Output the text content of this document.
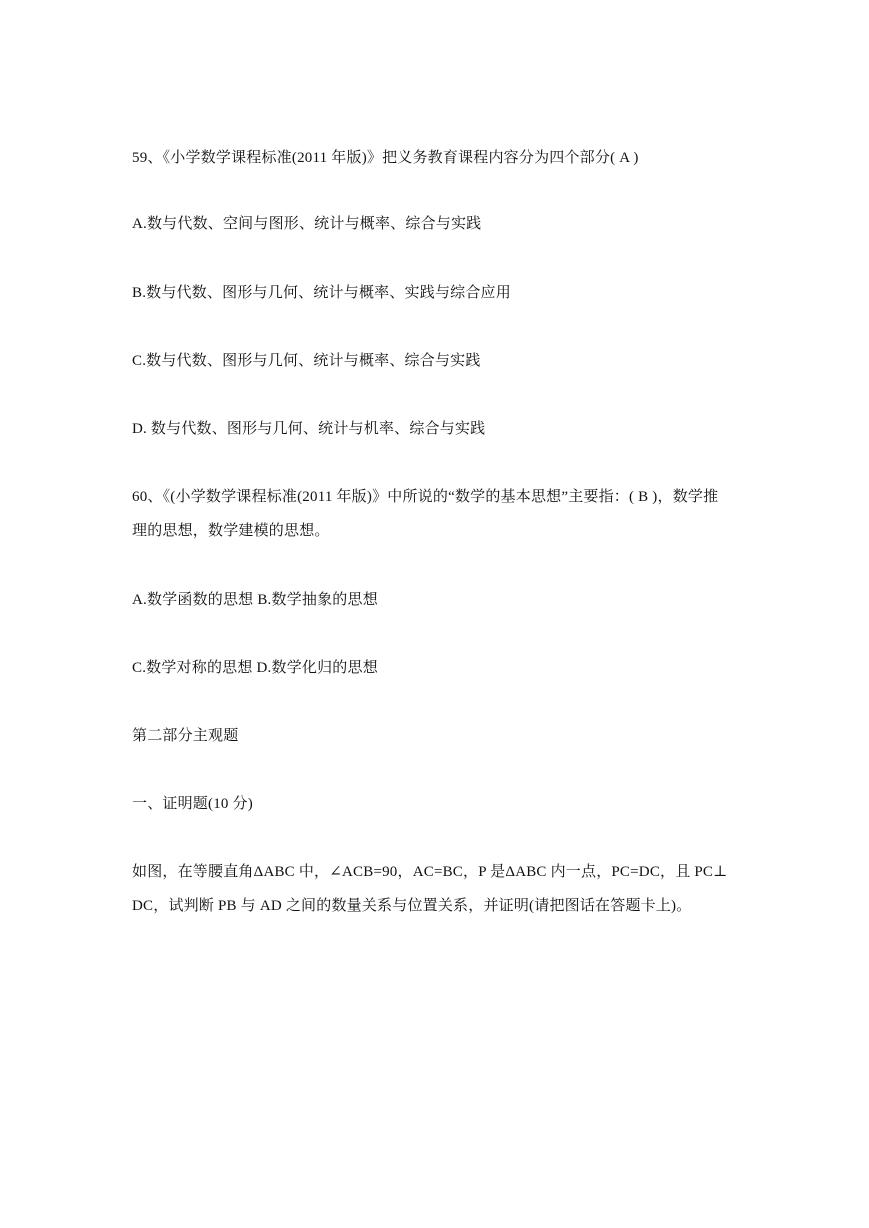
59、《小学数学课程标准(2011 年版)》把义务教育课程内容分为四个部分( A )
A.数与代数、空间与图形、统计与概率、综合与实践
B.数与代数、图形与几何、统计与概率、实践与综合应用
C.数与代数、图形与几何、统计与概率、综合与实践
D. 数与代数、图形与几何、统计与机率、综合与实践
60、《(小学数学课程标准(2011 年版)》中所说的“数学的基本思想”主要指：( B )，数学推
理的思想，数学建模的思想。
A.数学函数的思想 B.数学抽象的思想
C.数学对称的思想 D.数学化归的思想
第二部分主观题
一、证明题(10 分)
如图，在等腰直角ΔABC 中，∠ACB=90，AC=BC，P 是ΔABC 内一点，PC=DC，且 PC⊥
DC，试判断 PB 与 AD 之间的数量关系与位置关系，并证明(请把图话在答题卡上)。
